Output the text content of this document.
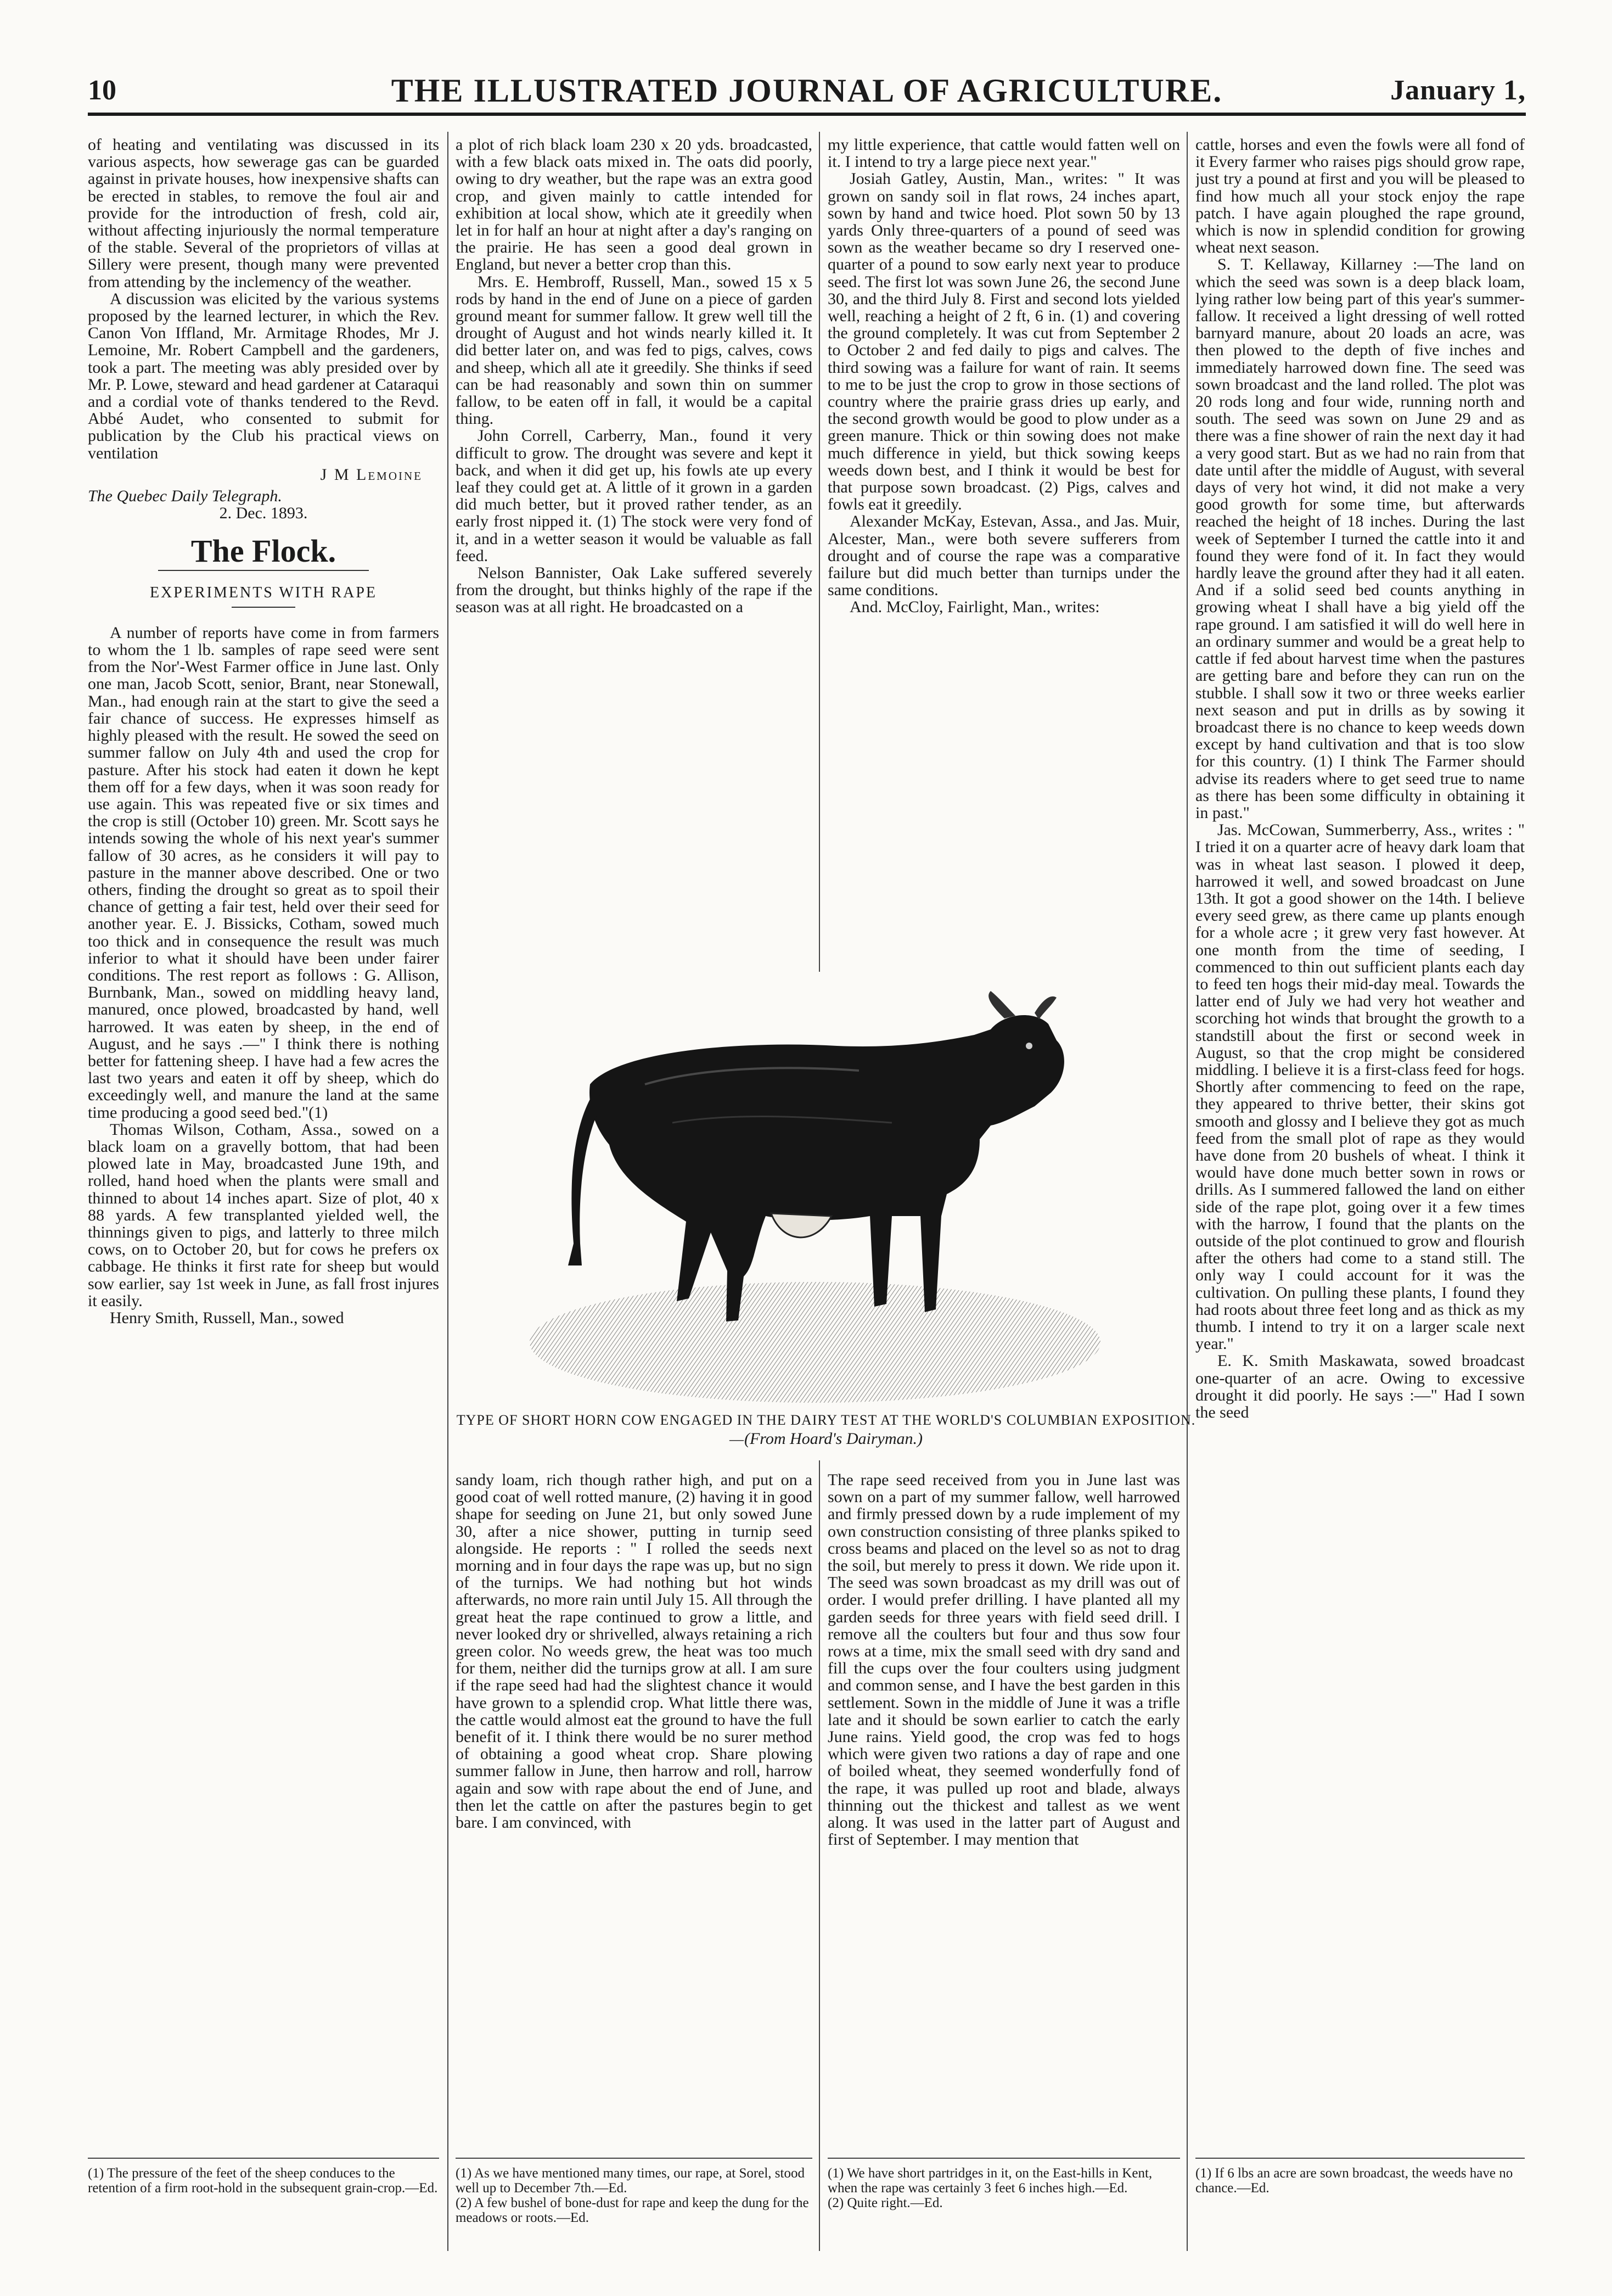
10	THE ILLUSTRATED JOURNAL OF AGRICULTURE.	January 1,

of heating and ventilating was discussed in its various aspects, how sewerage gas can be guarded against in private houses, how inexpensive shafts can be erected in stables, to remove the foul air and provide for the introduction of fresh, cold air, without affecting injuriously the normal temperature of the stable. Several of the proprietors of villas at Sillery were present, though many were prevented from attending by the inclemency of the weather.

A discussion was elicited by the various systems proposed by the learned lecturer, in which the Rev. Canon Von Iffland, Mr. Armitage Rhodes, Mr J. Lemoine, Mr. Robert Campbell and the gardeners, took a part. The meeting was ably presided over by Mr. P. Lowe, steward and head gardener at Cataraqui and a cordial vote of thanks tendered to the Revd. Abbé Audet, who consented to submit for publication by the Club his practical views on ventilation

J M Lemoine

The Quebec Daily Telegraph.

2. Dec. 1893.

The Flock.

EXPERIMENTS WITH RAPE

A number of reports have come in from farmers to whom the 1 lb. samples of rape seed were sent from the Nor'-West Farmer office in June last. Only one man, Jacob Scott, senior, Brant, near Stonewall, Man., had enough rain at the start to give the seed a fair chance of success. He expresses himself as highly pleased with the result. He sowed the seed on summer fallow on July 4th and used the crop for pasture. After his stock had eaten it down he kept them off for a few days, when it was soon ready for use again. This was repeated five or six times and the crop is still (October 10) green. Mr. Scott says he intends sowing the whole of his next year's summer fallow of 30 acres, as he considers it will pay to pasture in the manner above described. One or two others, finding the drought so great as to spoil their chance of getting a fair test, held over their seed for another year. E. J. Bissicks, Cotham, sowed much too thick and in consequence the result was much inferior to what it should have been under fairer conditions. The rest report as follows : G. Allison, Burnbank, Man., sowed on middling heavy land, manured, once plowed, broadcasted by hand, well harrowed. It was eaten by sheep, in the end of August, and he says .—" I think there is nothing better for fattening sheep. I have had a few acres the last two years and eaten it off by sheep, which do exceedingly well, and manure the land at the same time producing a good seed bed."(1)

Thomas Wilson, Cotham, Assa., sowed on a black loam on a gravelly bottom, that had been plowed late in May, broadcasted June 19th, and rolled, hand hoed when the plants were small and thinned to about 14 inches apart. Size of plot, 40 x 88 yards. A few transplanted yielded well, the thinnings given to pigs, and latterly to three milch cows, on to October 20, but for cows he prefers ox cabbage. He thinks it first rate for sheep but would sow earlier, say 1st week in June, as fall frost injures it easily.

Henry Smith, Russell, Man., sowed

(1) The pressure of the feet of the sheep conduces to the retention of a firm root-hold in the subsequent grain-crop.—Ed.

a plot of rich black loam 230 x 20 yds. broadcasted, with a few black oats mixed in. The oats did poorly, owing to dry weather, but the rape was an extra good crop, and given mainly to cattle intended for exhibition at local show, which ate it greedily when let in for half an hour at night after a day's ranging on the prairie. He has seen a good deal grown in England, but never a better crop than this.

Mrs. E. Hembroff, Russell, Man., sowed 15 x 5 rods by hand in the end of June on a piece of garden ground meant for summer fallow. It grew well till the drought of August and hot winds nearly killed it. It did better later on, and was fed to pigs, calves, cows and sheep, which all ate it greedily. She thinks if seed can be had reasonably and sown thin on summer fallow, to be eaten off in fall, it would be a capital thing.

John Correll, Carberry, Man., found it very difficult to grow. The drought was severe and kept it back, and when it did get up, his fowls ate up every leaf they could get at. A little of it grown in a garden did much better, but it proved rather tender, as an early frost nipped it. (1) The stock were very fond of it, and in a wetter season it would be valuable as fall feed.

Nelson Bannister, Oak Lake suffered severely from the drought, but thinks highly of the rape if the season was at all right. He broadcasted on a

my little experience, that cattle would fatten well on it. I intend to try a large piece next year."

Josiah Gatley, Austin, Man., writes: " It was grown on sandy soil in flat rows, 24 inches apart, sown by hand and twice hoed. Plot sown 50 by 13 yards Only three-quarters of a pound of seed was sown as the weather became so dry I reserved one-quarter of a pound to sow early next year to produce seed. The first lot was sown June 26, the second June 30, and the third July 8. First and second lots yielded well, reaching a height of 2 ft, 6 in. (1) and covering the ground completely. It was cut from September 2 to October 2 and fed daily to pigs and calves. The third sowing was a failure for want of rain. It seems to me to be just the crop to grow in those sections of country where the prairie grass dries up early, and the second growth would be good to plow under as a green manure. Thick or thin sowing does not make much difference in yield, but thick sowing keeps weeds down best, and I think it would be best for that purpose sown broadcast. (2) Pigs, calves and fowls eat it greedily.

Alexander McKay, Estevan, Assa., and Jas. Muir, Alcester, Man., were both severe sufferers from drought and of course the rape was a comparative failure but did much better than turnips under the same conditions.

And. McCloy, Fairlight, Man., writes:

TYPE OF SHORT HORN COW ENGAGED IN THE DAIRY TEST AT THE WORLD'S COLUMBIAN EXPOSITION.—(From Hoard's Dairyman.)

sandy loam, rich though rather high, and put on a good coat of well rotted manure, (2) having it in good shape for seeding on June 21, but only sowed June 30, after a nice shower, putting in turnip seed alongside. He reports : " I rolled the seeds next morning and in four days the rape was up, but no sign of the turnips. We had nothing but hot winds afterwards, no more rain until July 15. All through the great heat the rape continued to grow a little, and never looked dry or shrivelled, always retaining a rich green color. No weeds grew, the heat was too much for them, neither did the turnips grow at all. I am sure if the rape seed had had the slightest chance it would have grown to a splendid crop. What little there was, the cattle would almost eat the ground to have the full benefit of it. I think there would be no surer method of obtaining a good wheat crop. Share plowing summer fallow in June, then harrow and roll, harrow again and sow with rape about the end of June, and then let the cattle on after the pastures begin to get bare. I am convinced, with

(1) As we have mentioned many times, our rape, at Sorel, stood well up to December 7th.—Ed.
(2) A few bushel of bone-dust for rape and keep the dung for the meadows or roots.—Ed.

The rape seed received from you in June last was sown on a part of my summer fallow, well harrowed and firmly pressed down by a rude implement of my own construction consisting of three planks spiked to cross beams and placed on the level so as not to drag the soil, but merely to press it down. We ride upon it. The seed was sown broadcast as my drill was out of order. I would prefer drilling. I have planted all my garden seeds for three years with field seed drill. I remove all the coulters but four and thus sow four rows at a time, mix the small seed with dry sand and fill the cups over the four coulters using judgment and common sense, and I have the best garden in this settlement. Sown in the middle of June it was a trifle late and it should be sown earlier to catch the early June rains. Yield good, the crop was fed to hogs which were given two rations a day of rape and one of boiled wheat, they seemed wonderfully fond of the rape, it was pulled up root and blade, always thinning out the thickest and tallest as we went along. It was used in the latter part of August and first of September. I may mention that

(1) We have short partridges in it, on the East-hills in Kent, when the rape was certainly 3 feet 6 inches high.—Ed.
(2) Quite right.—Ed.

cattle, horses and even the fowls were all fond of it Every farmer who raises pigs should grow rape, just try a pound at first and you will be pleased to find how much all your stock enjoy the rape patch. I have again ploughed the rape ground, which is now in splendid condition for growing wheat next season.

S. T. Kellaway, Killarney :—The land on which the seed was sown is a deep black loam, lying rather low being part of this year's summer-fallow. It received a light dressing of well rotted barnyard manure, about 20 loads an acre, was then plowed to the depth of five inches and immediately harrowed down fine. The seed was sown broadcast and the land rolled. The plot was 20 rods long and four wide, running north and south. The seed was sown on June 29 and as there was a fine shower of rain the next day it had a very good start. But as we had no rain from that date until after the middle of August, with several days of very hot wind, it did not make a very good growth for some time, but afterwards reached the height of 18 inches. During the last week of September I turned the cattle into it and found they were fond of it. In fact they would hardly leave the ground after they had it all eaten. And if a solid seed bed counts anything in growing wheat I shall have a big yield off the rape ground. I am satisfied it will do well here in an ordinary summer and would be a great help to cattle if fed about harvest time when the pastures are getting bare and before they can run on the stubble. I shall sow it two or three weeks earlier next season and put in drills as by sowing it broadcast there is no chance to keep weeds down except by hand cultivation and that is too slow for this country. (1) I think The Farmer should advise its readers where to get seed true to name as there has been some difficulty in obtaining it in past."

Jas. McCowan, Summerberry, Ass., writes : " I tried it on a quarter acre of heavy dark loam that was in wheat last season. I plowed it deep, harrowed it well, and sowed broadcast on June 13th. It got a good shower on the 14th. I believe every seed grew, as there came up plants enough for a whole acre ; it grew very fast however. At one month from the time of seeding, I commenced to thin out sufficient plants each day to feed ten hogs their mid-day meal. Towards the latter end of July we had very hot weather and scorching hot winds that brought the growth to a standstill about the first or second week in August, so that the crop might be considered middling. I believe it is a first-class feed for hogs. Shortly after commencing to feed on the rape, they appeared to thrive better, their skins got smooth and glossy and I believe they got as much feed from the small plot of rape as they would have done from 20 bushels of wheat. I think it would have done much better sown in rows or drills. As I summered fallowed the land on either side of the rape plot, going over it a few times with the harrow, I found that the plants on the outside of the plot continued to grow and flourish after the others had come to a stand still. The only way I could account for it was the cultivation. On pulling these plants, I found they had roots about three feet long and as thick as my thumb. I intend to try it on a larger scale next year."

E. K. Smith Maskawata, sowed broadcast one-quarter of an acre. Owing to excessive drought it did poorly. He says :—" Had I sown the seed

(1) If 6 lbs an acre are sown broadcast, the weeds have no chance.—Ed.
